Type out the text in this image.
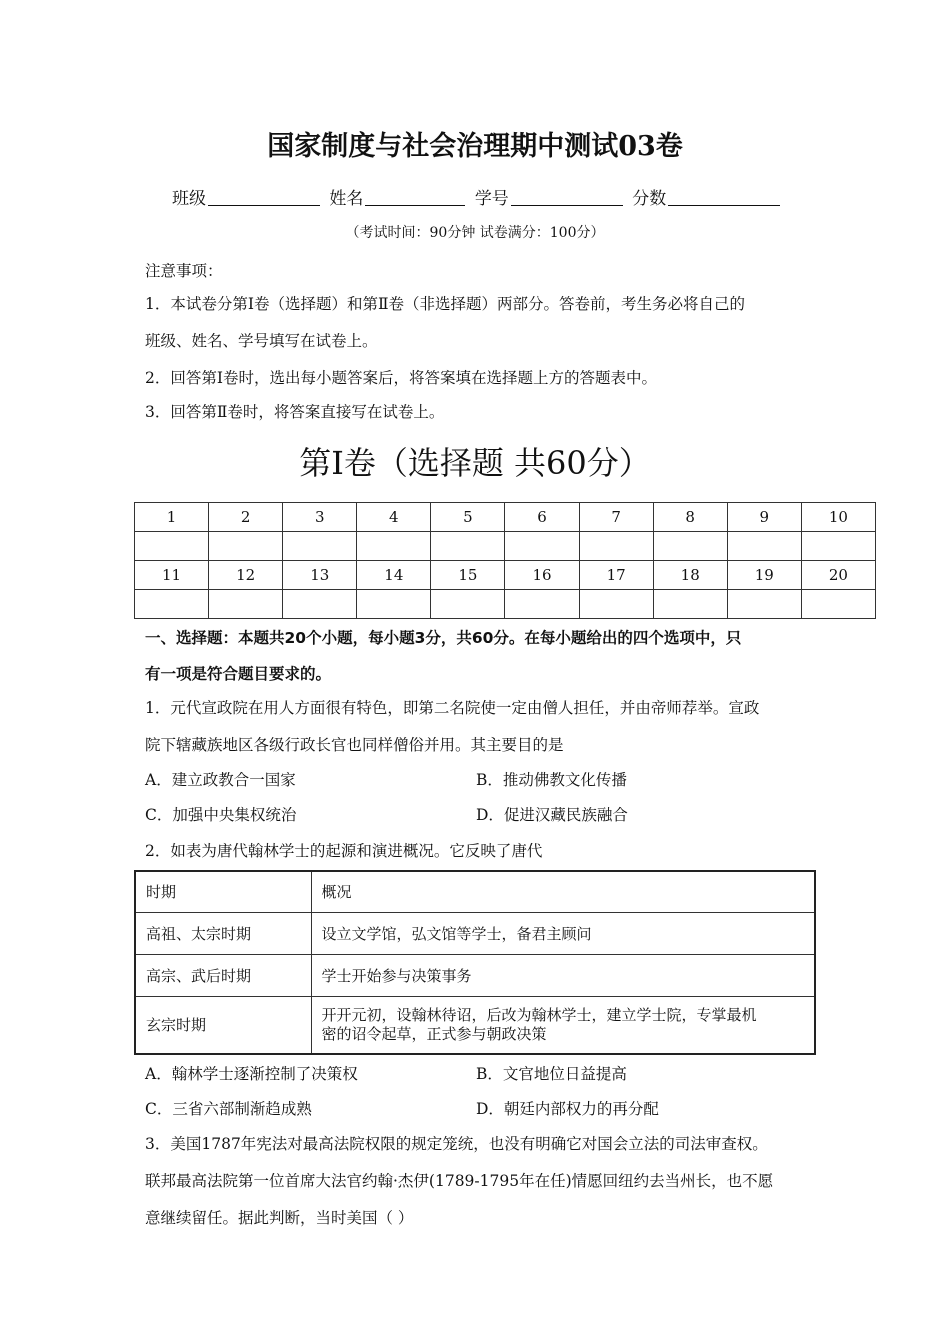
国家制度与社会治理期中测试03卷
班级	姓名	学号	分数
（考试时间：90分钟 试卷满分：100分）
注意事项：
1．本试卷分第Ⅰ卷（选择题）和第Ⅱ卷（非选择题）两部分。答卷前，考生务必将自己的
班级、姓名、学号填写在试卷上。
2．回答第Ⅰ卷时，选出每小题答案后，将答案填在选择题上方的答题表中。
3．回答第Ⅱ卷时，将答案直接写在试卷上。
第Ⅰ卷（选择题 共60分）
1	2	3	4	5	6	7	8	9	10

11	12	13	14	15	16	17	18	19	20

一、选择题：本题共20个小题，每小题3分，共60分。在每小题给出的四个选项中，只
有一项是符合题目要求的。
1．元代宣政院在用人方面很有特色，即第二名院使一定由僧人担任，并由帝师荐举。宣政
院下辖藏族地区各级行政长官也同样僧俗并用。其主要目的是
A．建立政教合一国家	B．推动佛教文化传播
C．加强中央集权统治	D．促进汉藏民族融合
2．如表为唐代翰林学士的起源和演进概况。它反映了唐代
时期	概况
高祖、太宗时期	设立文学馆，弘文馆等学士，备君主顾问
高宗、武后时期	学士开始参与决策事务
玄宗时期	开开元初，设翰林待诏，后改为翰林学士，建立学士院，专掌最机
密的诏令起草，正式参与朝政决策
A．翰林学士逐渐控制了决策权	B．文官地位日益提高
C．三省六部制渐趋成熟	D．朝廷内部权力的再分配
3．美国1787年宪法对最高法院权限的规定笼统，也没有明确它对国会立法的司法审查权。
联邦最高法院第一位首席大法官约翰·杰伊(1789-1795年在任)情愿回纽约去当州长，也不愿
意继续留任。据此判断，当时美国（ ）
